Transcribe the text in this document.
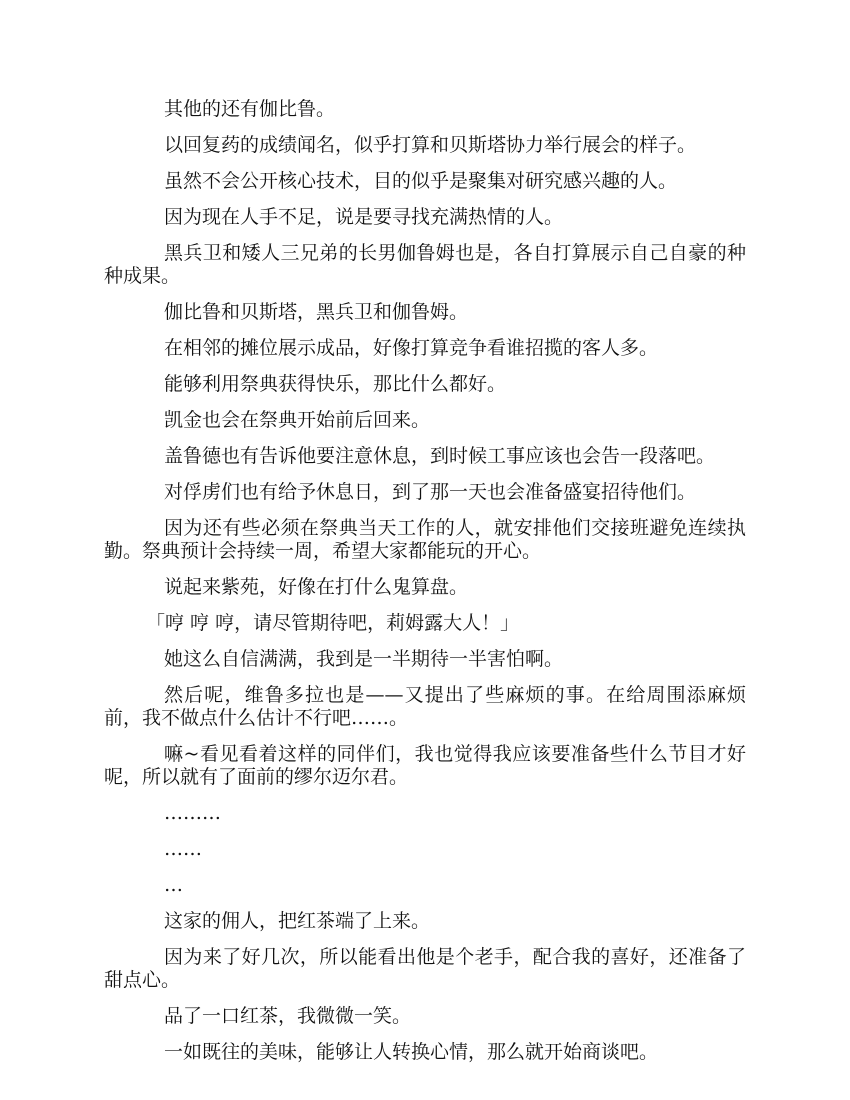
其他的还有伽比鲁。

以回复药的成绩闻名，似乎打算和贝斯塔协力举行展会的样子。

虽然不会公开核心技术，目的似乎是聚集对研究感兴趣的人。

因为现在人手不足，说是要寻找充满热情的人。

黑兵卫和矮人三兄弟的长男伽鲁姆也是，各自打算展示自己自豪的种种成果。

伽比鲁和贝斯塔，黑兵卫和伽鲁姆。

在相邻的摊位展示成品，好像打算竞争看谁招揽的客人多。

能够利用祭典获得快乐，那比什么都好。

凯金也会在祭典开始前后回来。

盖鲁德也有告诉他要注意休息，到时候工事应该也会告一段落吧。

对俘虏们也有给予休息日，到了那一天也会准备盛宴招待他们。

因为还有些必须在祭典当天工作的人，就安排他们交接班避免连续执勤。祭典预计会持续一周，希望大家都能玩的开心。

说起来紫苑，好像在打什么鬼算盘。

「哼 哼 哼，请尽管期待吧，莉姆露大人！」

她这么自信满满，我到是一半期待一半害怕啊。

然后呢，维鲁多拉也是——又提出了些麻烦的事。在给周围添麻烦前，我不做点什么估计不行吧……。

嘛~看见看着这样的同伴们，我也觉得我应该要准备些什么节目才好呢，所以就有了面前的缪尔迈尔君。

………

……

…

这家的佣人，把红茶端了上来。

因为来了好几次，所以能看出他是个老手，配合我的喜好，还准备了甜点心。

品了一口红茶，我微微一笑。

一如既往的美味，能够让人转换心情，那么就开始商谈吧。
